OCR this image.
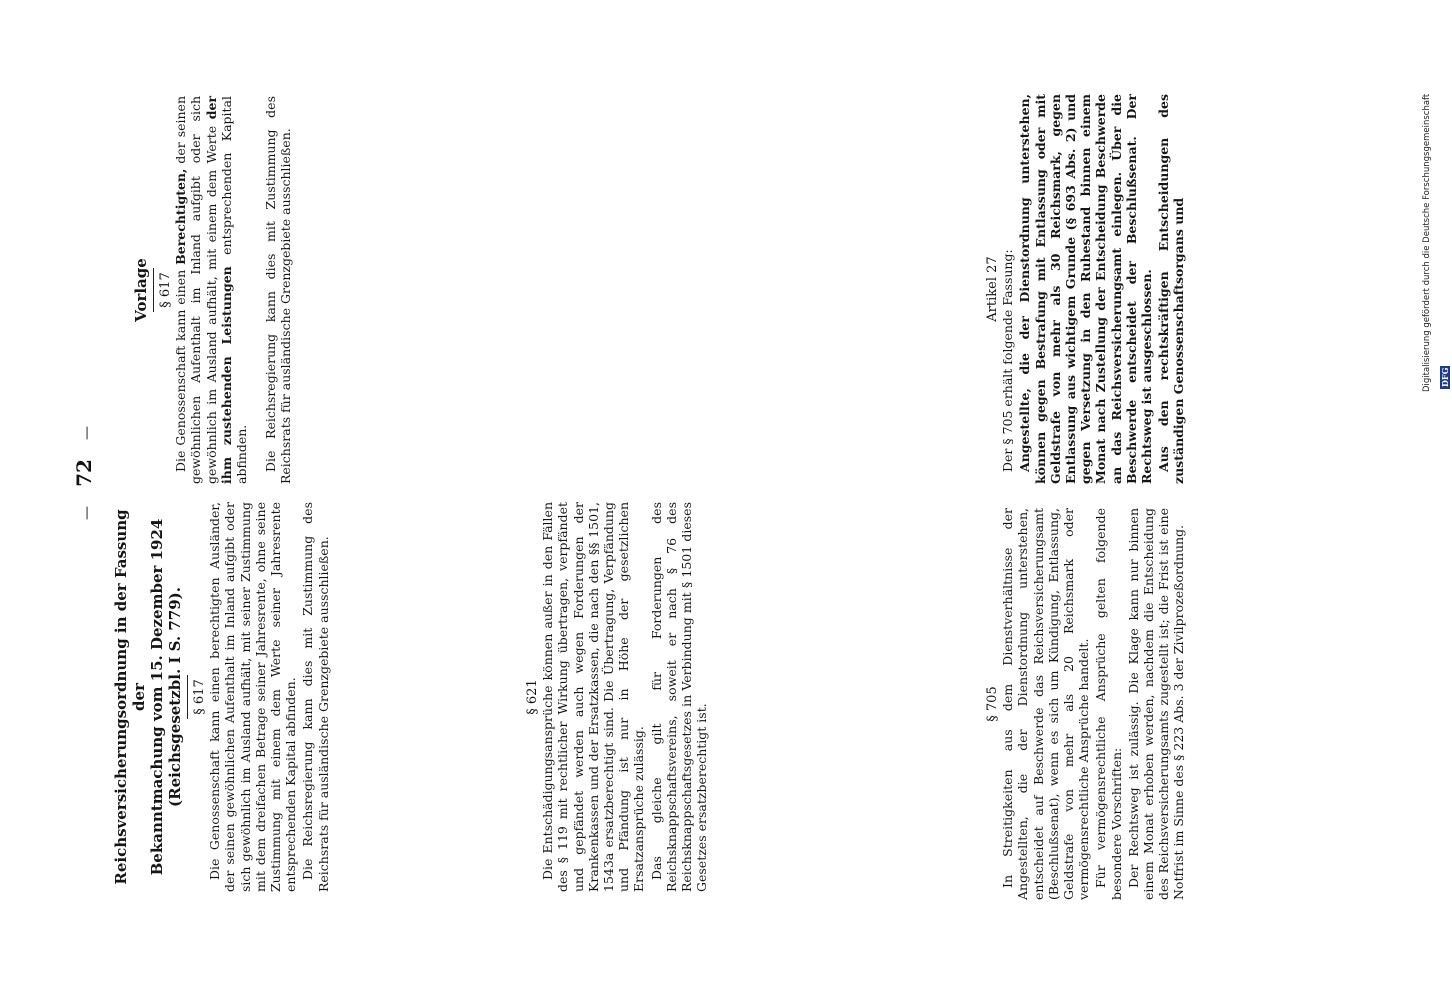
— 72 —
Reichsversicherungsordnung in der Fassung der Bekanntmachung vom 15. Dezember 1924 (Reichsgesetzbl. I S. 779). § 617 Die Genossenschaft kann einen berechtigten Ausländer, der seinen gewöhnlichen Aufenthalt im Inland aufgibt oder sich gewöhnlich im Ausland aufhält, mit seiner Zustimmung mit dem dreifachen Betrage seiner Jahresrente, ohne seine Zustimmung mit einem dem Werte seiner Jahresrente entsprechenden Kapital abfinden. Die Reichsregierung kann dies mit Zustimmung des Reichsrats für ausländische Grenzgebiete ausschließen.	§ 621 Die Entschädigungsansprüche können außer in den Fällen des § 119 mit rechtlicher Wirkung übertragen, verpfändet und gepfändet werden auch wegen Forderungen der Krankenkassen und der Ersatzkassen, die nach den §§ 1501, 1543a ersatzberechtigt sind. Die Übertragung, Verpfändung und Pfändung ist nur in Höhe der gesetzlichen Ersatzansprüche zulässig. Das gleiche gilt für Forderungen des Reichsknappschaftsvereins, soweit er nach § 76 des Reichsknappschaftsgesetzes in Verbindung mit § 1501 dieses Gesetzes ersatzberechtigt ist.	§ 705 In Streitigkeiten aus dem Dienstverhältnisse der Angestellten, die der Dienstordnung unterstehen, entscheidet auf Beschwerde das Reichsversicherungsamt (Beschlußsenat), wenn es sich um Kündigung, Entlassung, Geldstrafe von mehr als 20 Reichsmark oder vermögensrechtliche Ansprüche handelt. Für vermögensrechtliche Ansprüche gelten folgende besondere Vorschriften: Der Rechtsweg ist zulässig. Die Klage kann nur binnen einem Monat erhoben werden, nachdem die Entscheidung des Reichsversicherungsamts zugestellt ist; die Frist ist eine Notfrist im Sinne des § 223 Abs. 3 der Zivilprozeßordnung.

Vorlage § 617 Die Genossenschaft kann einen Berechtigten, der seinen gewöhnlichen Aufenthalt im Inland aufgibt oder sich gewöhnlich im Ausland aufhält, mit einem dem Werte der ihm zustehenden Leistungen entsprechenden Kapital abfinden. Die Reichsregierung kann dies mit Zustimmung des Reichsrats für ausländische Grenzgebiete ausschließen.	Artikel 27 Der § 705 erhält folgende Fassung: Angestellte, die der Dienstordnung unterstehen, können gegen Bestrafung mit Entlassung oder mit Geldstrafe von mehr als 30 Reichsmark, gegen Entlassung aus wichtigem Grunde (§ 693 Abs. 2) und gegen Versetzung in den Ruhestand binnen einem Monat nach Zustellung der Entscheidung Beschwerde an das Reichsversicherungsamt einlegen. Über die Beschwerde entscheidet der Beschlußsenat. Der Rechtsweg ist ausgeschlossen. Aus den rechtskräftigen Entscheidungen des zuständigen Genossenschaftsorgans und	Digitalisierung gefördert durch die Deutsche Forschungsgemeinschaft DFG
